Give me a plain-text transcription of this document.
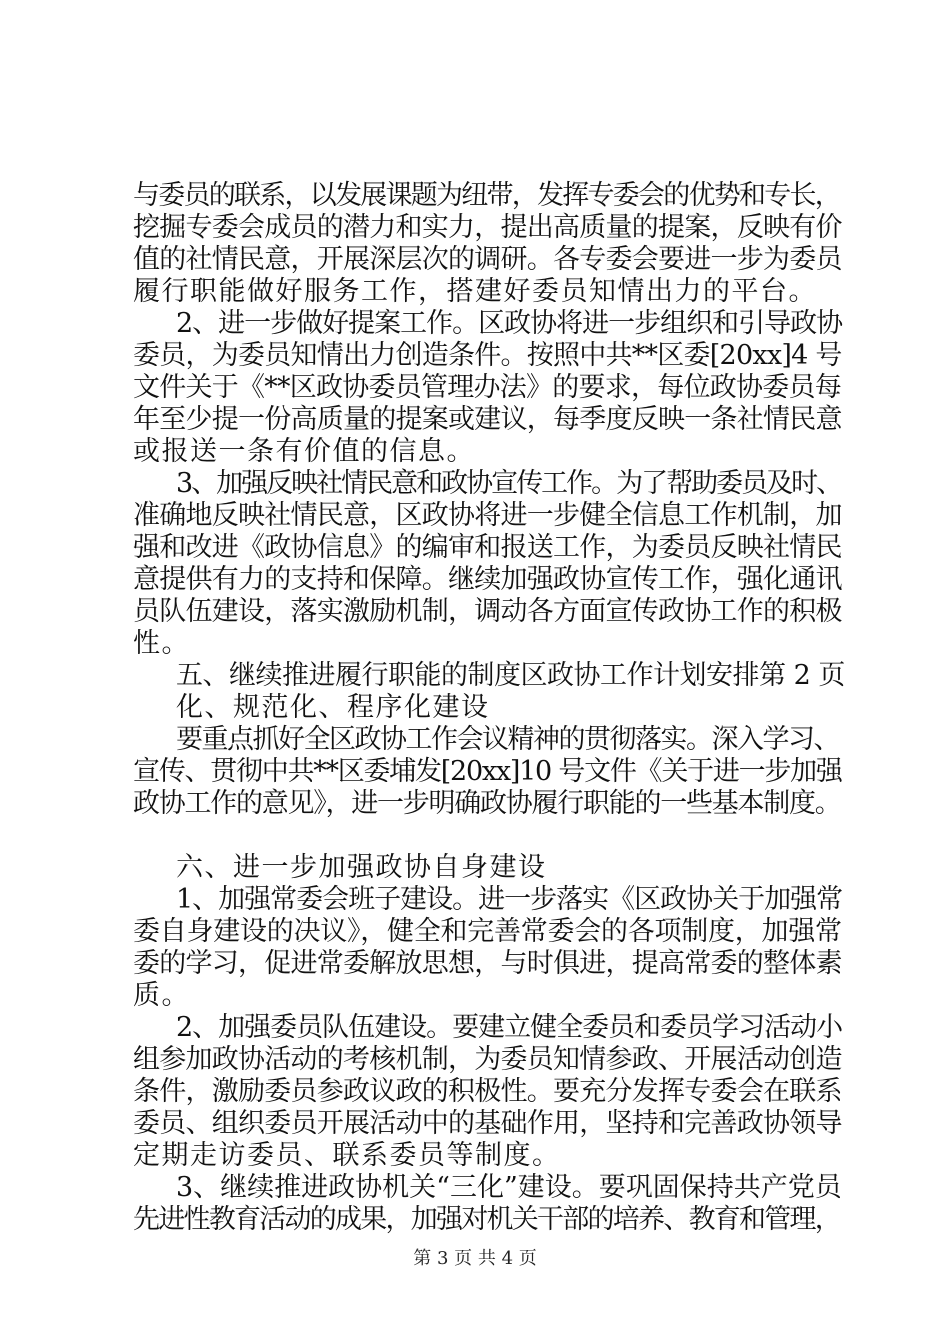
与委员的联系，以发展课题为纽带，发挥专委会的优势和专长，
挖掘专委会成员的潜力和实力，提出高质量的提案，反映有价
值的社情民意，开展深层次的调研。各专委会要进一步为委员
履行职能做好服务工作，搭建好委员知情出力的平台。
2、进一步做好提案工作。区政协将进一步组织和引导政协
委员，为委员知情出力创造条件。按照中共**区委[20xx]4 号
文件关于《**区政协委员管理办法》的要求，每位政协委员每
年至少提一份高质量的提案或建议，每季度反映一条社情民意
或报送一条有价值的信息。
3、加强反映社情民意和政协宣传工作。为了帮助委员及时、
准确地反映社情民意，区政协将进一步健全信息工作机制，加
强和改进《政协信息》的编审和报送工作，为委员反映社情民
意提供有力的支持和保障。继续加强政协宣传工作，强化通讯
员队伍建设，落实激励机制，调动各方面宣传政协工作的积极
性。
五、继续推进履行职能的制度区政协工作计划安排第 2 页
化、规范化、程序化建设
要重点抓好全区政协工作会议精神的贯彻落实。深入学习、
宣传、贯彻中共**区委埔发[20xx]10 号文件《关于进一步加强
政协工作的意见》，进一步明确政协履行职能的一些基本制度。
六、进一步加强政协自身建设
1、加强常委会班子建设。进一步落实《区政协关于加强常
委自身建设的决议》，健全和完善常委会的各项制度，加强常
委的学习，促进常委解放思想，与时俱进，提高常委的整体素
质。
2、加强委员队伍建设。要建立健全委员和委员学习活动小
组参加政协活动的考核机制，为委员知情参政、开展活动创造
条件，激励委员参政议政的积极性。要充分发挥专委会在联系
委员、组织委员开展活动中的基础作用，坚持和完善政协领导
定期走访委员、联系委员等制度。
3、继续推进政协机关“三化”建设。要巩固保持共产党员
先进性教育活动的成果，加强对机关干部的培养、教育和管理，
第 3 页 共 4 页
